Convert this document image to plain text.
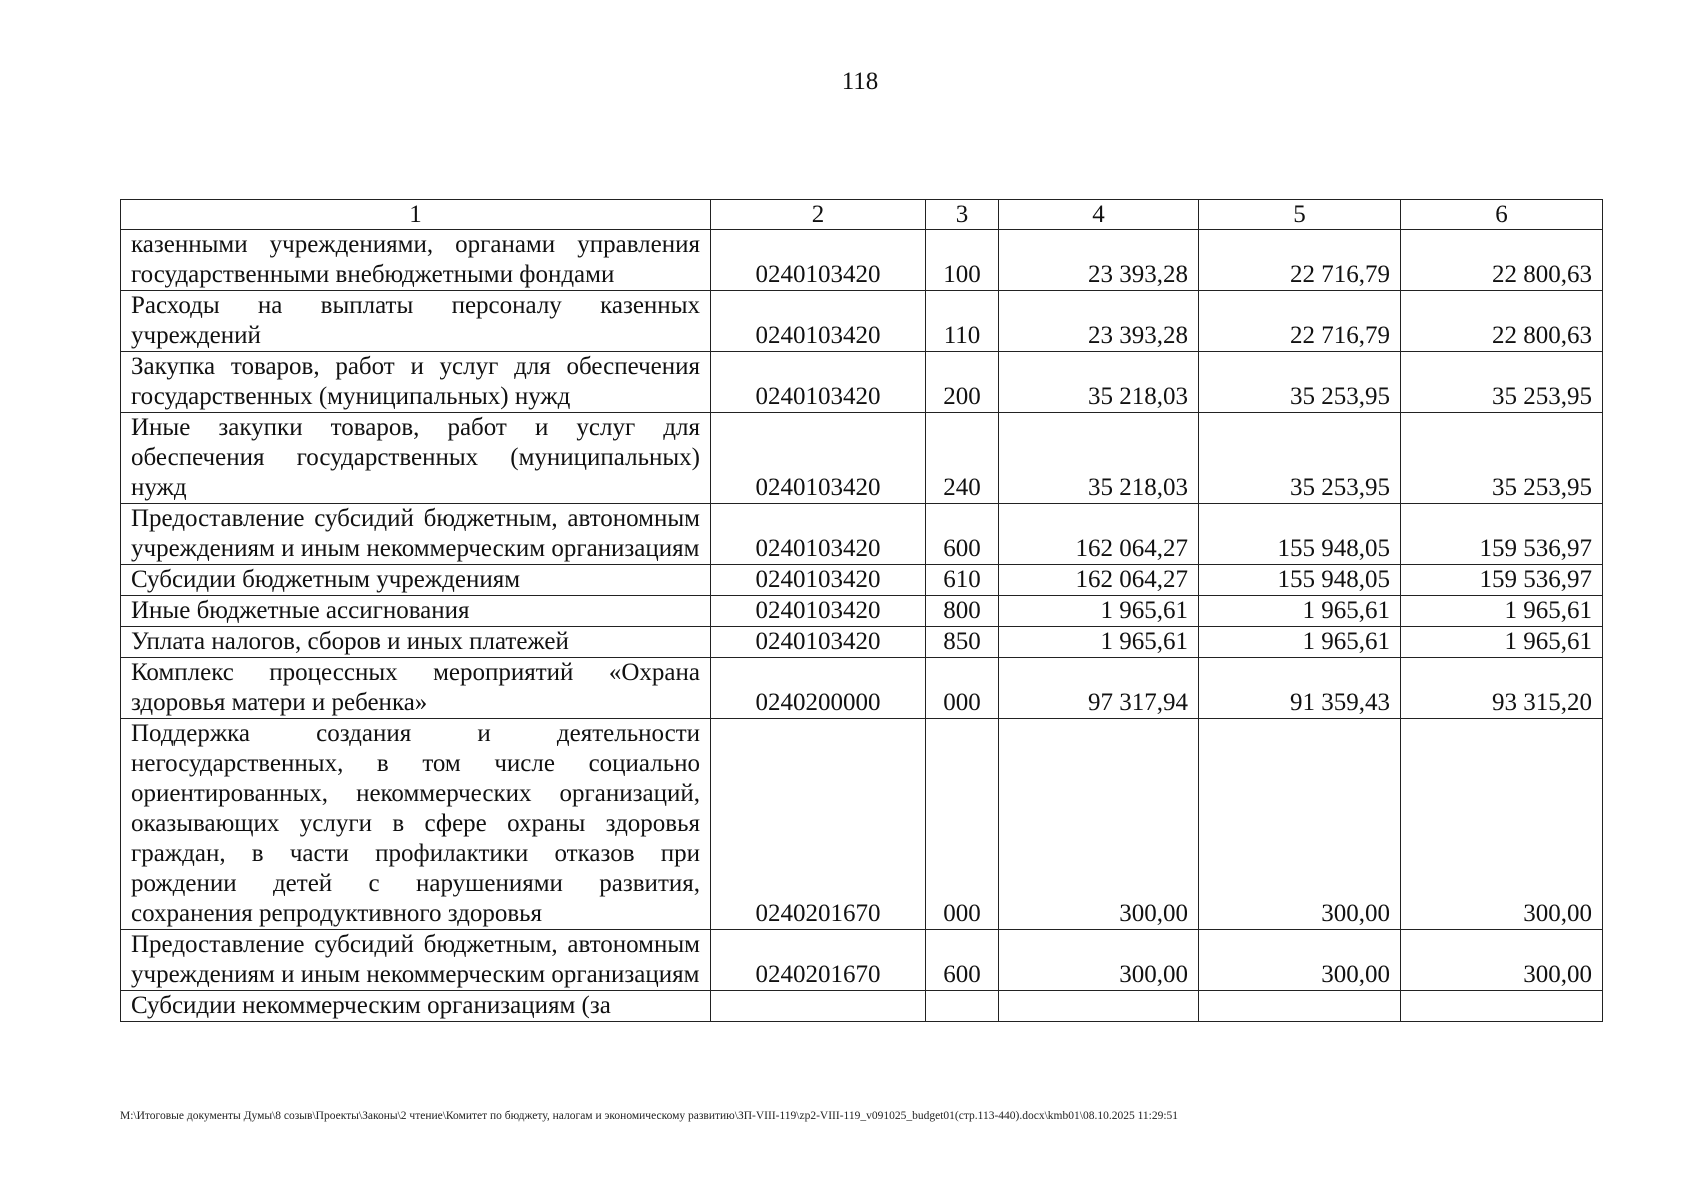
118
1	2	3	4	5	6
казенными учреждениями, органами управления государственными внебюджетными фондами	0240103420	100	23 393,28	22 716,79	22 800,63
Расходы на выплаты персоналу казенных учреждений	0240103420	110	23 393,28	22 716,79	22 800,63
Закупка товаров, работ и услуг для обеспечения государственных (муниципальных) нужд	0240103420	200	35 218,03	35 253,95	35 253,95
Иные закупки товаров, работ и услуг для обеспечения государственных (муниципальных) нужд	0240103420	240	35 218,03	35 253,95	35 253,95
Предоставление субсидий бюджетным, автономным учреждениям и иным некоммерческим организациям	0240103420	600	162 064,27	155 948,05	159 536,97
Субсидии бюджетным учреждениям	0240103420	610	162 064,27	155 948,05	159 536,97
Иные бюджетные ассигнования	0240103420	800	1 965,61	1 965,61	1 965,61
Уплата налогов, сборов и иных платежей	0240103420	850	1 965,61	1 965,61	1 965,61
Комплекс процессных мероприятий «Охрана здоровья матери и ребенка»	0240200000	000	97 317,94	91 359,43	93 315,20
Поддержка создания и деятельности негосударственных, в том числе социально ориентированных, некоммерческих организаций, оказывающих услуги в сфере охраны здоровья граждан, в части профилактики отказов при рождении детей с нарушениями развития, сохранения репродуктивного здоровья	0240201670	000	300,00	300,00	300,00
Предоставление субсидий бюджетным, автономным учреждениям и иным некоммерческим организациям	0240201670	600	300,00	300,00	300,00
Субсидии некоммерческим организациям (за					
M:\Итоговые документы Думы\8 созыв\Проекты\Законы\2 чтение\Комитет по бюджету, налогам и экономическому развитию\ЗП-VIII-119\zp2-VIII-119_v091025_budget01(стр.113-440).docx\kmb01\08.10.2025 11:29:51
